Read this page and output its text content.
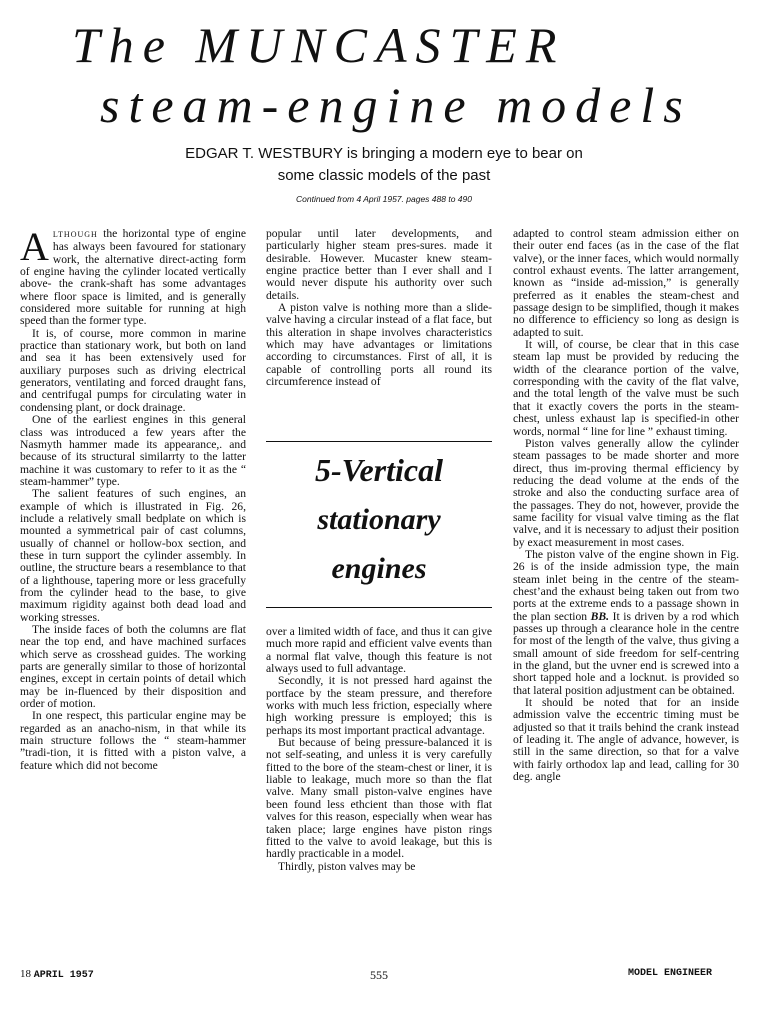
The MUNCASTER
steam-engine models
EDGAR T. WESTBURY is bringing a modern eye to bear on
some classic models of the past
Continued from 4 April 1957. pages 488 to 490

ALTHOUGH the horizontal type of engine has always been favoured for stationary work, the alternative direct-acting form of engine having the cylinder located vertically above- the crank-shaft has some advantages where floor space is limited, and is generally considered more suitable for running at high speed than the former type.

It is, of course, more common in marine practice than stationary work, but both on land and sea it has been extensively used for auxiliary purposes such as driving electrical generators, ventilating and forced draught fans, and centrifugal pumps for circulating water in condensing plant, or dock drainage.

One of the earliest engines in this general class was introduced a few years after the Nasmyth hammer made its appearance,. and because of its structural similarrty to the latter machine it was customary to refer to it as the “ steam-hammer” type.

The salient features of such engines, an example of which is illustrated in Fig. 26, include a relatively small bedplate on which is mounted a symmetrical pair of cast columns, usually of channel or hollow-box section, and these in turn support the cylinder assembly. In outline, the structure bears a resemblance to that of a lighthouse, tapering more or less gracefully from the cylinder head to the base, to give maximum rigidity against both dead load and working stresses.

The inside faces of both the columns are flat near the top end, and have machined surfaces which serve as crosshead guides. The working parts are generally similar to those of horizontal engines, except in certain points of detail which may be in-fluenced by their disposition and order of motion.

In one respect, this particular engine may be regarded as an anacho-nism, in that while its main structure follows the “ steam-hammer ”tradi-tion, it is fitted with a piston valve, a feature which did not become

popular until later developments, and particularly higher steam pres-sures. made it desirable. However. Mucaster knew steam-engine practice better than I ever shall and I would never dispute his authority over such details.

A piston valve is nothing more than a slide-valve having a circular instead of a flat face, but this alteration in shape involves characteristics which may have advantages or limitations according to circumstances. First of all, it is capable of controlling ports all round its circumference instead of

5-Vertical
stationary
engines

over a limited width of face, and thus it can give much more rapid and efficient valve events than a normal flat valve, though this feature is not always used to full advantage.

Secondly, it is not pressed hard against the portface by the steam pressure, and therefore works with much less friction, especially where high working pressure is employed; this is perhaps its most important practical advantage.

But because of being pressure-balanced it is not self-seating, and unless it is very carefully fitted to the bore of the steam-chest or liner, it is liable to leakage, much more so than the flat valve. Many small piston-valve engines have been found less ethcient than those with flat valves for this reason, especially when wear has taken place; large engines have piston rings fitted to the valve to avoid leakage, but this is hardly practicable in a model.

Thirdly, piston valves may be

adapted to control steam admission either on their outer end faces (as in the case of the flat valve), or the inner faces, which would normally control exhaust events. The latter arrangement, known as “inside ad-mission,” is generally preferred as it enables the steam-chest and passage design to be simplified, though it makes no difference to efficiency so long as design is adapted to suit.

It will, of course, be clear that in this case steam lap must be provided by reducing the width of the clearance portion of the valve, corresponding with the cavity of the flat valve, and the total length of the valve must be such that it exactly covers the ports in the steam-chest, unless exhaust lap is specified-in other words, normal “ line for line ” exhaust timing.

Piston valves generally allow the cylinder steam passages to be made shorter and more direct, thus im-proving thermal efficiency by reducing the dead volume at the ends of the stroke and also the conducting surface area of the passages. They do not, however, provide the same facility for visual valve timing as the flat valve, and it is necessary to adjust their position by exact measurement in most cases.

The piston valve of the engine shown in Fig. 26 is of the inside admission type, the main steam inlet being in the centre of the steam-chest’and the exhaust being taken out from two ports at the extreme ends to a passage shown in the plan section BB. It is driven by a rod which passes up through a clearance hole in the centre for most of the length of the valve, thus giving a small amount of side freedom for self-centring in the gland, but the uvner end is screwed into a short tapped hole and a locknut. is provided so that lateral position adjustment can be obtained.

It should be noted that for an inside admission valve the eccentric timing must be adjusted so that it trails behind the crank instead of leading it. The angle of advance, however, is still in the same direction, so that for a valve with fairly orthodox lap and lead, calling for 30 deg. angle

18 APRIL 1957	555	MODEL ENGINEER
